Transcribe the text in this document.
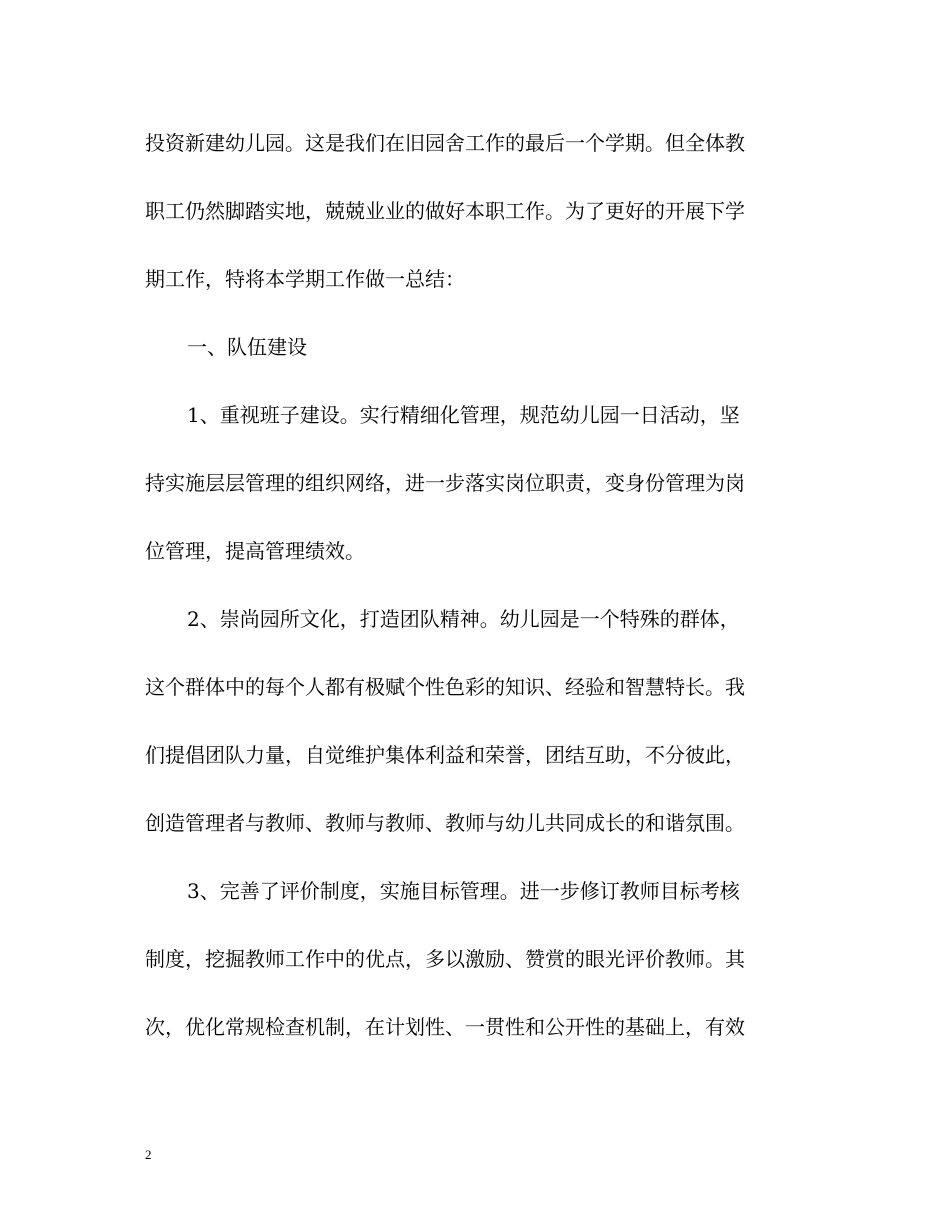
投资新建幼儿园。这是我们在旧园舍工作的最后一个学期。但全体教
职工仍然脚踏实地，兢兢业业的做好本职工作。为了更好的开展下学
期工作，特将本学期工作做一总结：
一、队伍建设
1、重视班子建设。实行精细化管理，规范幼儿园一日活动，坚
持实施层层管理的组织网络，进一步落实岗位职责，变身份管理为岗
位管理，提高管理绩效。
2、崇尚园所文化，打造团队精神。幼儿园是一个特殊的群体，
这个群体中的每个人都有极赋个性色彩的知识、经验和智慧特长。我
们提倡团队力量，自觉维护集体利益和荣誉，团结互助，不分彼此，
创造管理者与教师、教师与教师、教师与幼儿共同成长的和谐氛围。
3、完善了评价制度，实施目标管理。进一步修订教师目标考核
制度，挖掘教师工作中的优点，多以激励、赞赏的眼光评价教师。其
次，优化常规检查机制，在计划性、一贯性和公开性的基础上，有效
2
